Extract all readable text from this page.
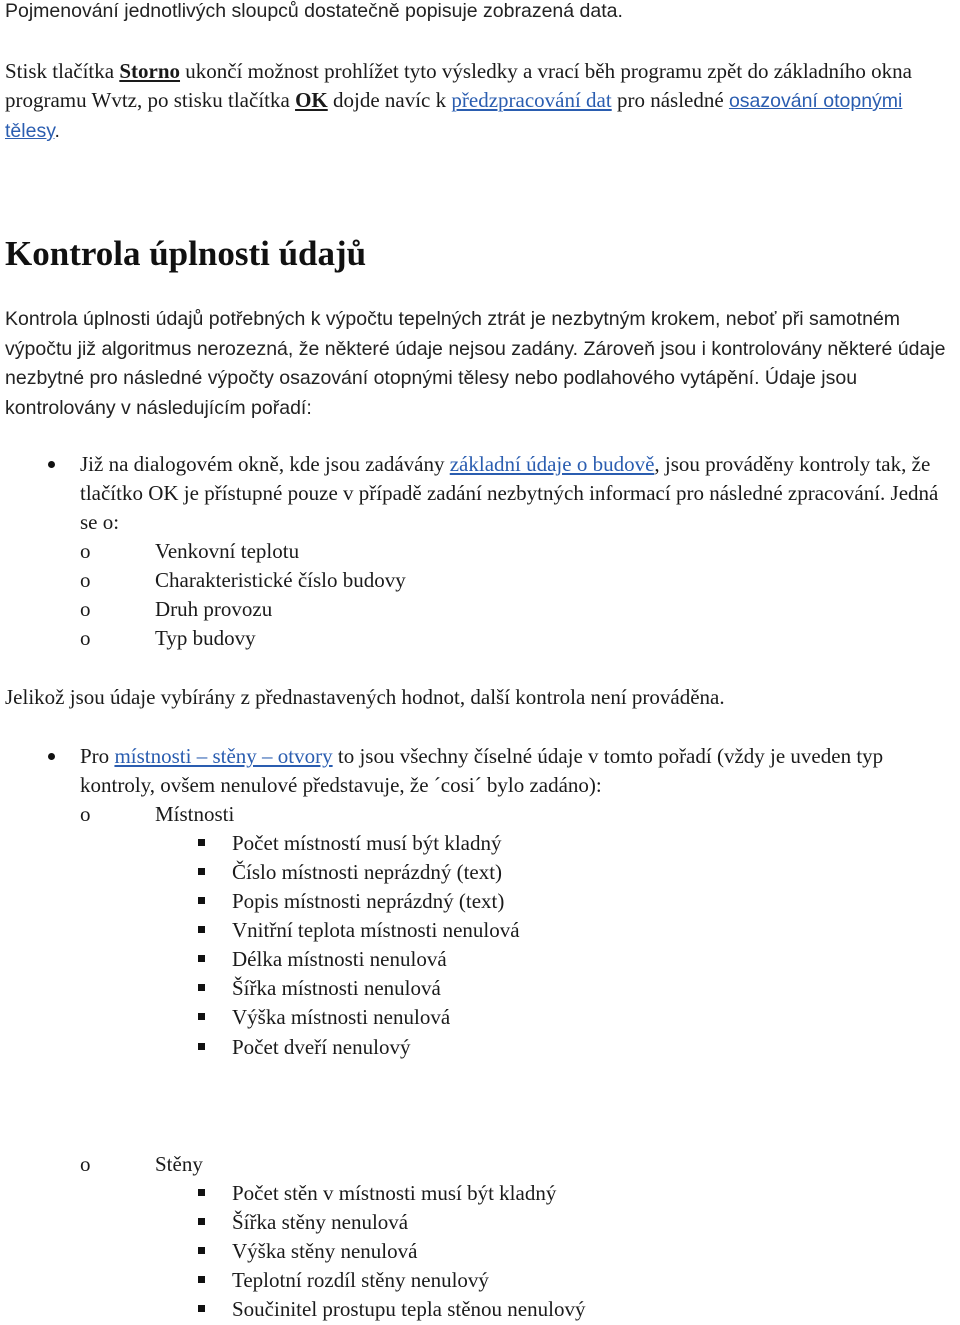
Pojmenování jednotlivých sloupců dostatečně popisuje zobrazená data.

Stisk tlačítka Storno ukončí možnost prohlížet tyto výsledky a vrací běh programu zpět do základního okna programu Wvtz, po stisku tlačítka OK dojde navíc k předzpracování dat pro následné osazování otopnými tělesy.

Kontrola úplnosti údajů

Kontrola úplnosti údajů potřebných k výpočtu tepelných ztrát je nezbytným krokem, neboť při samotném výpočtu již algoritmus nerozezná, že některé údaje nejsou zadány. Zároveň jsou i kontrolovány některé údaje nezbytné pro následné výpočty osazování otopnými tělesy nebo podlahového vytápění. Údaje jsou kontrolovány v následujícím pořadí:

Již na dialogovém okně, kde jsou zadávány základní údaje o budově, jsou prováděny kontroly tak, že tlačítko OK je přístupné pouze v případě zadání nezbytných informací pro následné zpracování. Jedná se o:
o	Venkovní teplotu
o	Charakteristické číslo budovy
o	Druh provozu
o	Typ budovy

Jelikož jsou údaje vybírány z přednastavených hodnot, další kontrola není prováděna.

Pro místnosti – stěny – otvory to jsou všechny číselné údaje v tomto pořadí (vždy je uveden typ kontroly, ovšem nenulové představuje, že ´cosi´ bylo zadáno):
o	Místnosti
Počet místností musí být kladný
Číslo místnosti neprázdný (text)
Popis místnosti neprázdný (text)
Vnitřní teplota místnosti nenulová
Délka místnosti nenulová
Šířka místnosti nenulová
Výška místnosti nenulová
Počet dveří nenulový
o	Stěny
Počet stěn v místnosti musí být kladný
Šířka stěny nenulová
Výška stěny nenulová
Teplotní rozdíl stěny nenulový
Součinitel prostupu tepla stěnou nenulový
